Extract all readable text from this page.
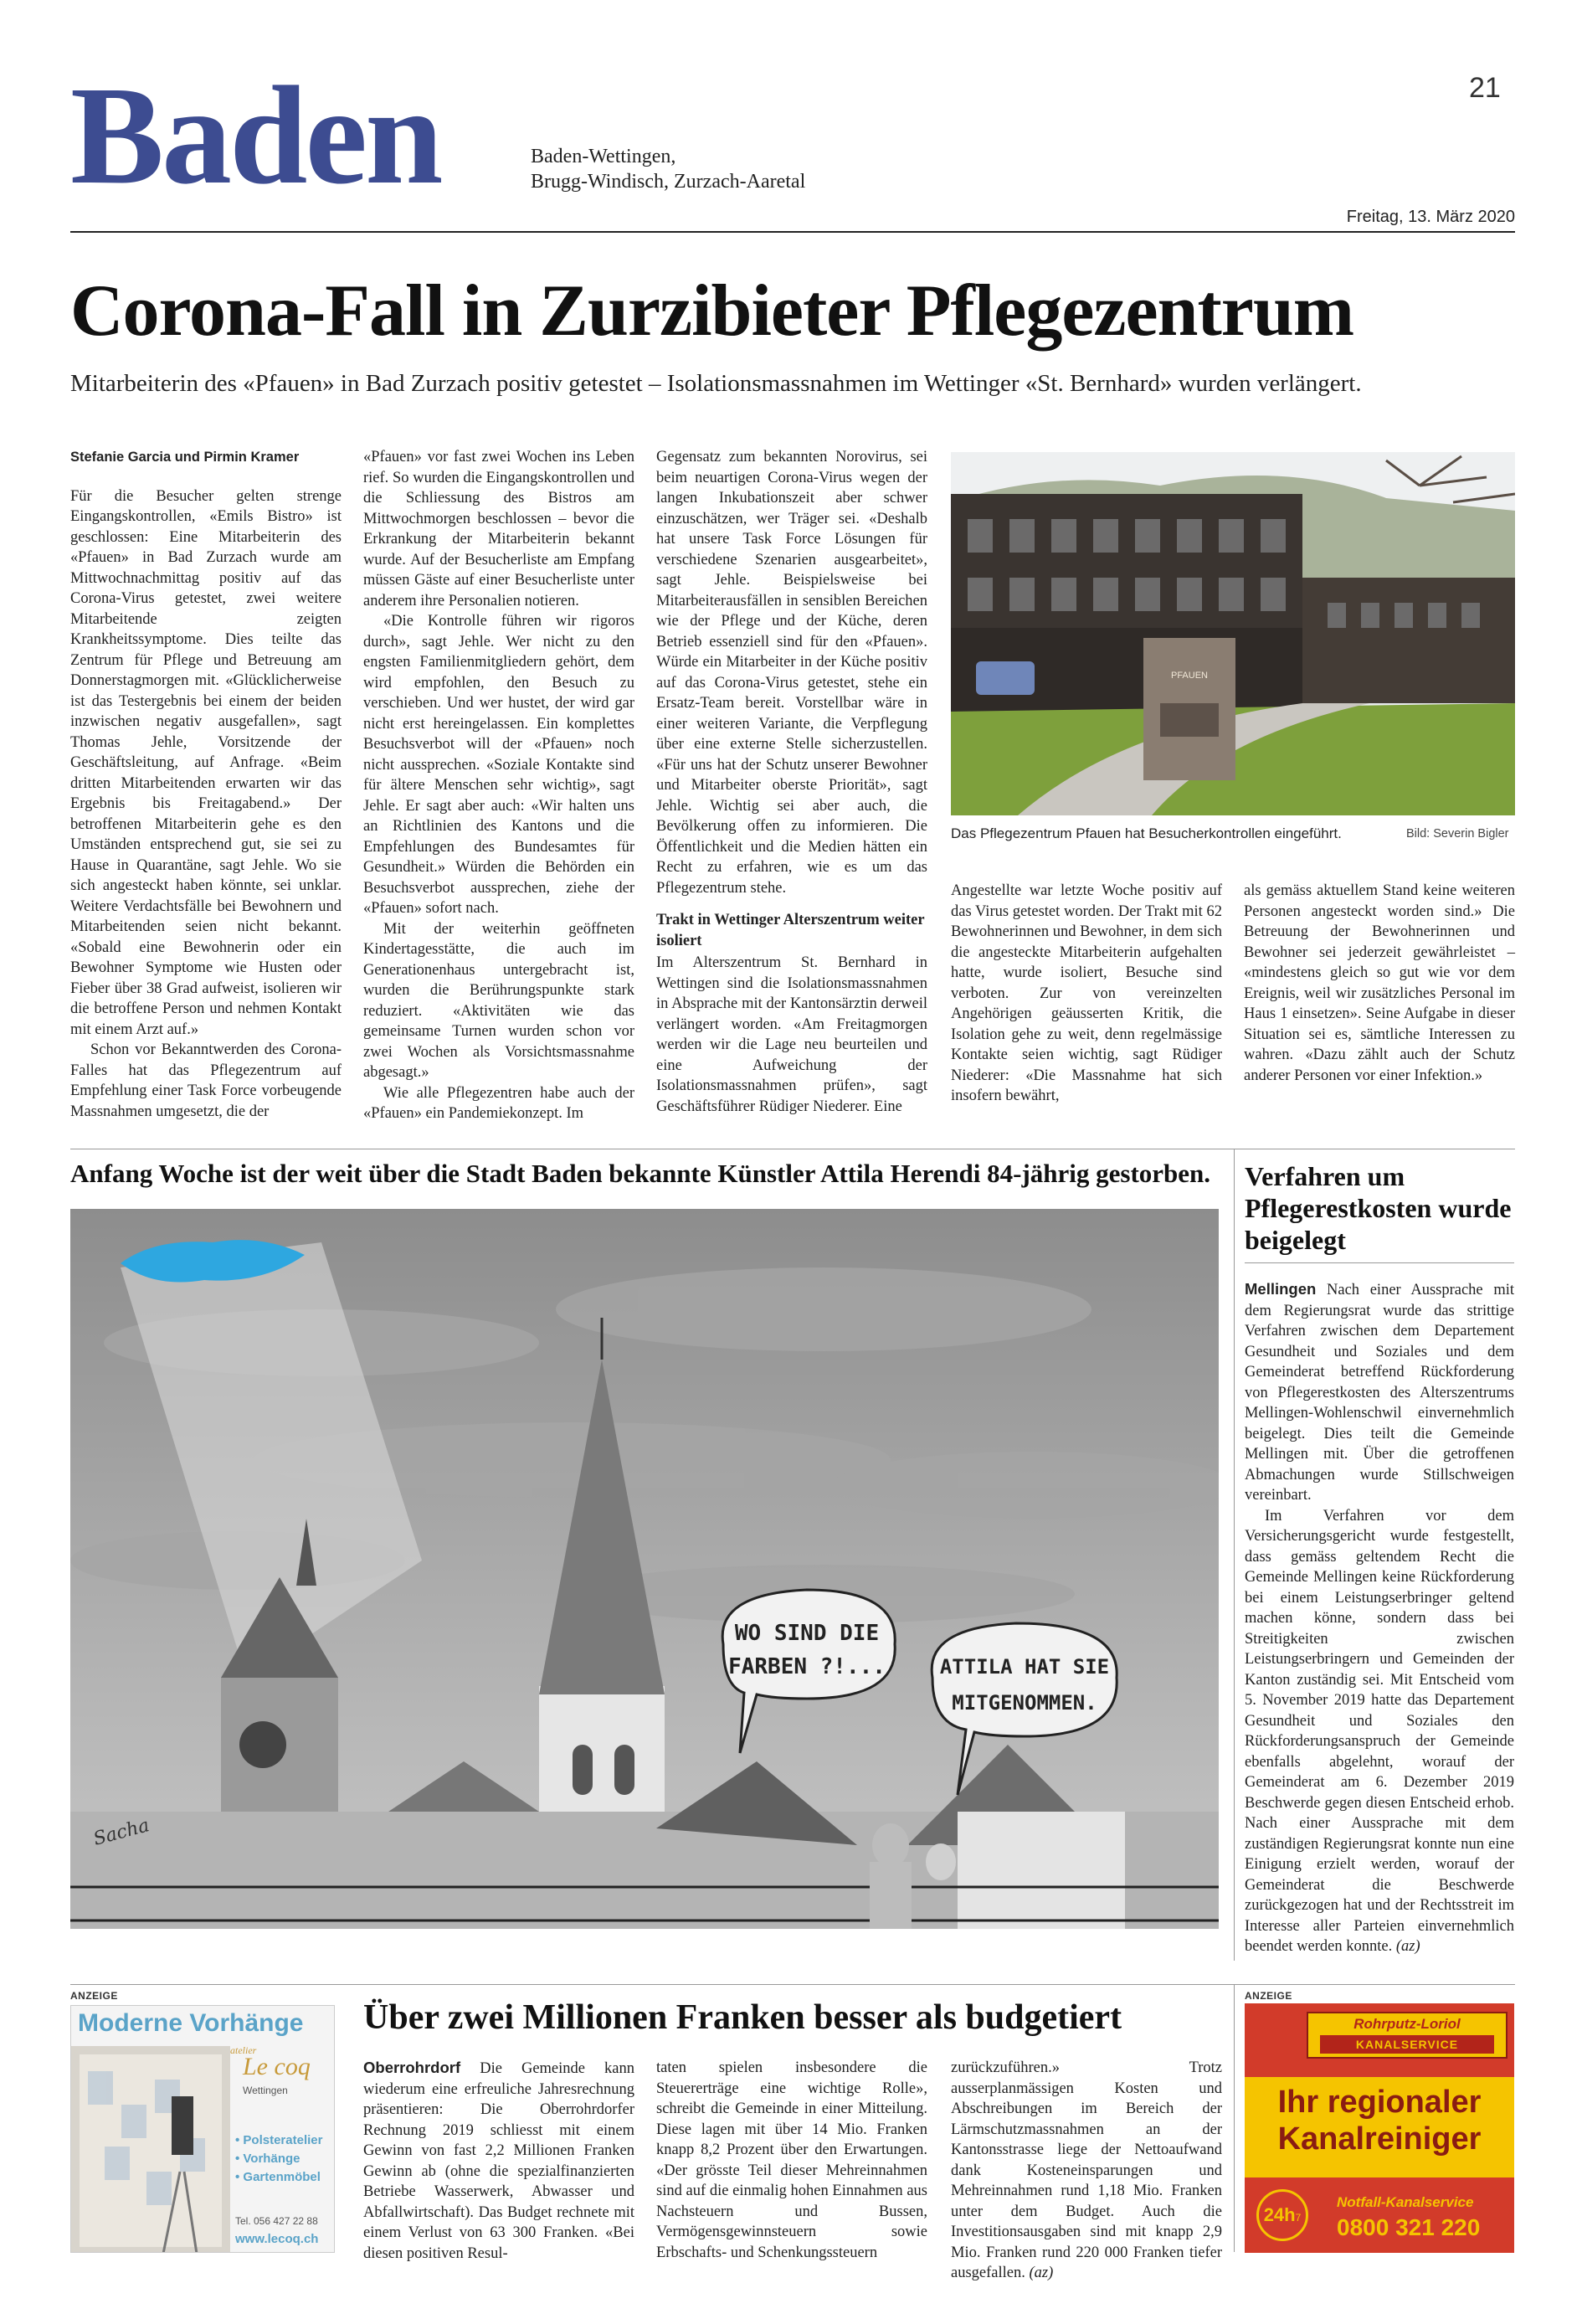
21
Baden	Baden-Wettingen,
Brugg-Windisch, Zurzach-Aaretal
Freitag, 13. März 2020
Corona-Fall in Zurzibieter Pflegezentrum
Mitarbeiterin des «Pfauen» in Bad Zurzach positiv getestet – Isolationsmassnahmen im Wettinger «St. Bernhard» wurden verlängert.
Stefanie Garcia und Pirmin Kramer

Für die Besucher gelten strenge Eingangskontrollen, «Emils Bistro» ist geschlossen: Eine Mitarbeiterin des «Pfauen» in Bad Zurzach wurde am Mittwochnachmittag positiv auf das Corona-Virus getestet, zwei weitere Mitarbeitende zeigten Krankheitssymptome. Dies teilte das Zentrum für Pflege und Betreuung am Donnerstagmorgen mit. «Glücklicherweise ist das Testergebnis bei einem der beiden inzwischen negativ ausgefallen», sagt Thomas Jehle, Vorsitzende der Geschäftsleitung, auf Anfrage. «Beim dritten Mitarbeitenden erwarten wir das Ergebnis bis Freitagabend.» Der betroffenen Mitarbeiterin gehe es den Umständen entsprechend gut, sie sei zu Hause in Quarantäne, sagt Jehle. Wo sie sich angesteckt haben könnte, sei unklar. Weitere Verdachtsfälle bei Bewohnern und Mitarbeitenden seien nicht bekannt. «Sobald eine Bewohnerin oder ein Bewohner Symptome wie Husten oder Fieber über 38 Grad aufweist, isolieren wir die betroffene Person und nehmen Kontakt mit einem Arzt auf.»

Schon vor Bekanntwerden des Corona-Falles hat das Pflegezentrum auf Empfehlung einer Task Force vorbeugende Massnahmen umgesetzt, die der

«Pfauen» vor fast zwei Wochen ins Leben rief. So wurden die Eingangskontrollen und die Schliessung des Bistros am Mittwochmorgen beschlossen – bevor die Erkrankung der Mitarbeiterin bekannt wurde. Auf der Besucherliste am Empfang müssen Gäste auf einer Besucherliste unter anderem ihre Personalien notieren.

«Die Kontrolle führen wir rigoros durch», sagt Jehle. Wer nicht zu den engsten Familienmitgliedern gehört, dem wird empfohlen, den Besuch zu verschieben. Und wer hustet, der wird gar nicht erst hereingelassen. Ein komplettes Besuchsverbot will der «Pfauen» noch nicht aussprechen. «Soziale Kontakte sind für ältere Menschen sehr wichtig», sagt Jehle. Er sagt aber auch: «Wir halten uns an Richtlinien des Kantons und die Empfehlungen des Bundesamtes für Gesundheit.» Würden die Behörden ein Besuchsverbot aussprechen, ziehe der «Pfauen» sofort nach.

Mit der weiterhin geöffneten Kindertagesstätte, die auch im Generationenhaus untergebracht ist, wurden die Berührungspunkte stark reduziert. «Aktivitäten wie das gemeinsame Turnen wurden schon vor zwei Wochen als Vorsichtsmassnahme abgesagt.»

Wie alle Pflegezentren habe auch der «Pfauen» ein Pandemiekonzept. Im

Gegensatz zum bekannten Norovirus, sei beim neuartigen Corona-Virus wegen der langen Inkubationszeit aber schwer einzuschätzen, wer Träger sei. «Deshalb hat unsere Task Force Lösungen für verschiedene Szenarien ausgearbeitet», sagt Jehle. Beispielsweise bei Mitarbeiterausfällen in sensiblen Bereichen wie der Pflege und der Küche, deren Betrieb essenziell sind für den «Pfauen». Würde ein Mitarbeiter in der Küche positiv auf das Corona-Virus getestet, stehe ein Ersatz-Team bereit. Vorstellbar wäre in einer weiteren Variante, die Verpflegung über eine externe Stelle sicherzustellen. «Für uns hat der Schutz unserer Bewohner und Mitarbeiter oberste Priorität», sagt Jehle. Wichtig sei aber auch, die Bevölkerung offen zu informieren. Die Öffentlichkeit und die Medien hätten ein Recht zu erfahren, wie es um das Pflegezentrum stehe.

Trakt in Wettinger Alterszentrum weiter isoliert

Im Alterszentrum St. Bernhard in Wettingen sind die Isolationsmassnahmen in Absprache mit der Kantonsärztin derweil verlängert worden. «Am Freitagmorgen werden wir die Lage neu beurteilen und eine Aufweichung der Isolationsmassnahmen prüfen», sagt Geschäftsführer Rüdiger Niederer. Eine

PFAUEN
Das Pflegezentrum Pfauen hat Besucherkontrollen eingeführt.	Bild: Severin Bigler

Angestellte war letzte Woche positiv auf das Virus getestet worden. Der Trakt mit 62 Bewohnerinnen und Bewohner, in dem sich die angesteckte Mitarbeiterin aufgehalten hatte, wurde isoliert, Besuche sind verboten. Zur von vereinzelten Angehörigen geäusserten Kritik, die Isolation gehe zu weit, denn regelmässige Kontakte seien wichtig, sagt Rüdiger Niederer: «Die Massnahme hat sich insofern bewährt,

als gemäss aktuellem Stand keine weiteren Personen angesteckt worden sind.» Die Betreuung der Bewohnerinnen und Bewohner sei jederzeit gewährleistet – «mindestens gleich so gut wie vor dem Ereignis, weil wir zusätzliches Personal im Haus 1 einsetzen». Seine Aufgabe in dieser Situation sei es, sämtliche Interessen zu wahren. «Dazu zählt auch der Schutz anderer Personen vor einer Infektion.»

Anfang Woche ist der weit über die Stadt Baden bekannte Künstler Attila Herendi 84-jährig gestorben.
WO SIND DIE
FARBEN ?!...	ATTILA HAT SIE
MITGENOMMEN.
Sacha
Verfahren um Pflegerestkosten wurde beigelegt

Mellingen Nach einer Aussprache mit dem Regierungsrat wurde das strittige Verfahren zwischen dem Departement Gesundheit und Soziales und dem Gemeinderat betreffend Rückforderung von Pflegerestkosten des Alterszentrums Mellingen-Wohlenschwil einvernehmlich beigelegt. Dies teilt die Gemeinde Mellingen mit. Über die getroffenen Abmachungen wurde Stillschweigen vereinbart.

Im Verfahren vor dem Versicherungsgericht wurde festgestellt, dass gemäss geltendem Recht die Gemeinde Mellingen keine Rückforderung bei einem Leistungserbringer geltend machen könne, sondern dass bei Streitigkeiten zwischen Leistungserbringern und Gemeinden der Kanton zuständig sei. Mit Entscheid vom 5. November 2019 hatte das Departement Gesundheit und Soziales den Rückforderungsanspruch der Gemeinde ebenfalls abgelehnt, worauf der Gemeinderat am 6. Dezember 2019 Beschwerde gegen diesen Entscheid erhob. Nach einer Aussprache mit dem zuständigen Regierungsrat konnte nun eine Einigung erzielt werden, worauf der Gemeinderat die Beschwerde zurückgezogen hat und der Rechtsstreit im Interesse aller Parteien einvernehmlich beendet werden konnte. (az)

ANZEIGE
Moderne Vorhänge
atelier
Le coq
Wettingen
• Polsteratelier
• Vorhänge
• Gartenmöbel
Tel. 056 427 22 88
www.lecoq.ch
Über zwei Millionen Franken besser als budgetiert

Oberrohrdorf Die Gemeinde kann wiederum eine erfreuliche Jahresrechnung präsentieren: Die Oberrohrdorfer Rechnung 2019 schliesst mit einem Gewinn von fast 2,2 Millionen Franken Gewinn ab (ohne die spezialfinanzierten Betriebe Wasserwerk, Abwasser und Abfallwirtschaft). Das Budget rechnete mit einem Verlust von 63 300 Franken. «Bei diesen positiven Resul-

taten spielen insbesondere die Steuererträge eine wichtige Rolle», schreibt die Gemeinde in einer Mitteilung. Diese lagen mit über 14 Mio. Franken knapp 8,2 Prozent über den Erwartungen. «Der grösste Teil dieser Mehreinnahmen sind auf die einmalig hohen Einnahmen aus Nachsteuern und Bussen, Vermögensgewinnsteuern sowie Erbschafts- und Schenkungssteuern

zurückzuführen.» Trotz ausserplanmässigen Kosten und Abschreibungen im Bereich der Lärmschutzmassnahmen an der Kantonsstrasse liege der Nettoaufwand dank Kosteneinsparungen und Mehreinnahmen rund 1,18 Mio. Franken unter dem Budget. Auch die Investitionsausgaben sind mit knapp 2,9 Mio. Franken rund 220 000 Franken tiefer ausgefallen. (az)

ANZEIGE
Rohrputz-Loriol
KANALSERVICE
Ihr regionaler
Kanalreiniger
24h7
Notfall-Kanalservice
0800 321 220
